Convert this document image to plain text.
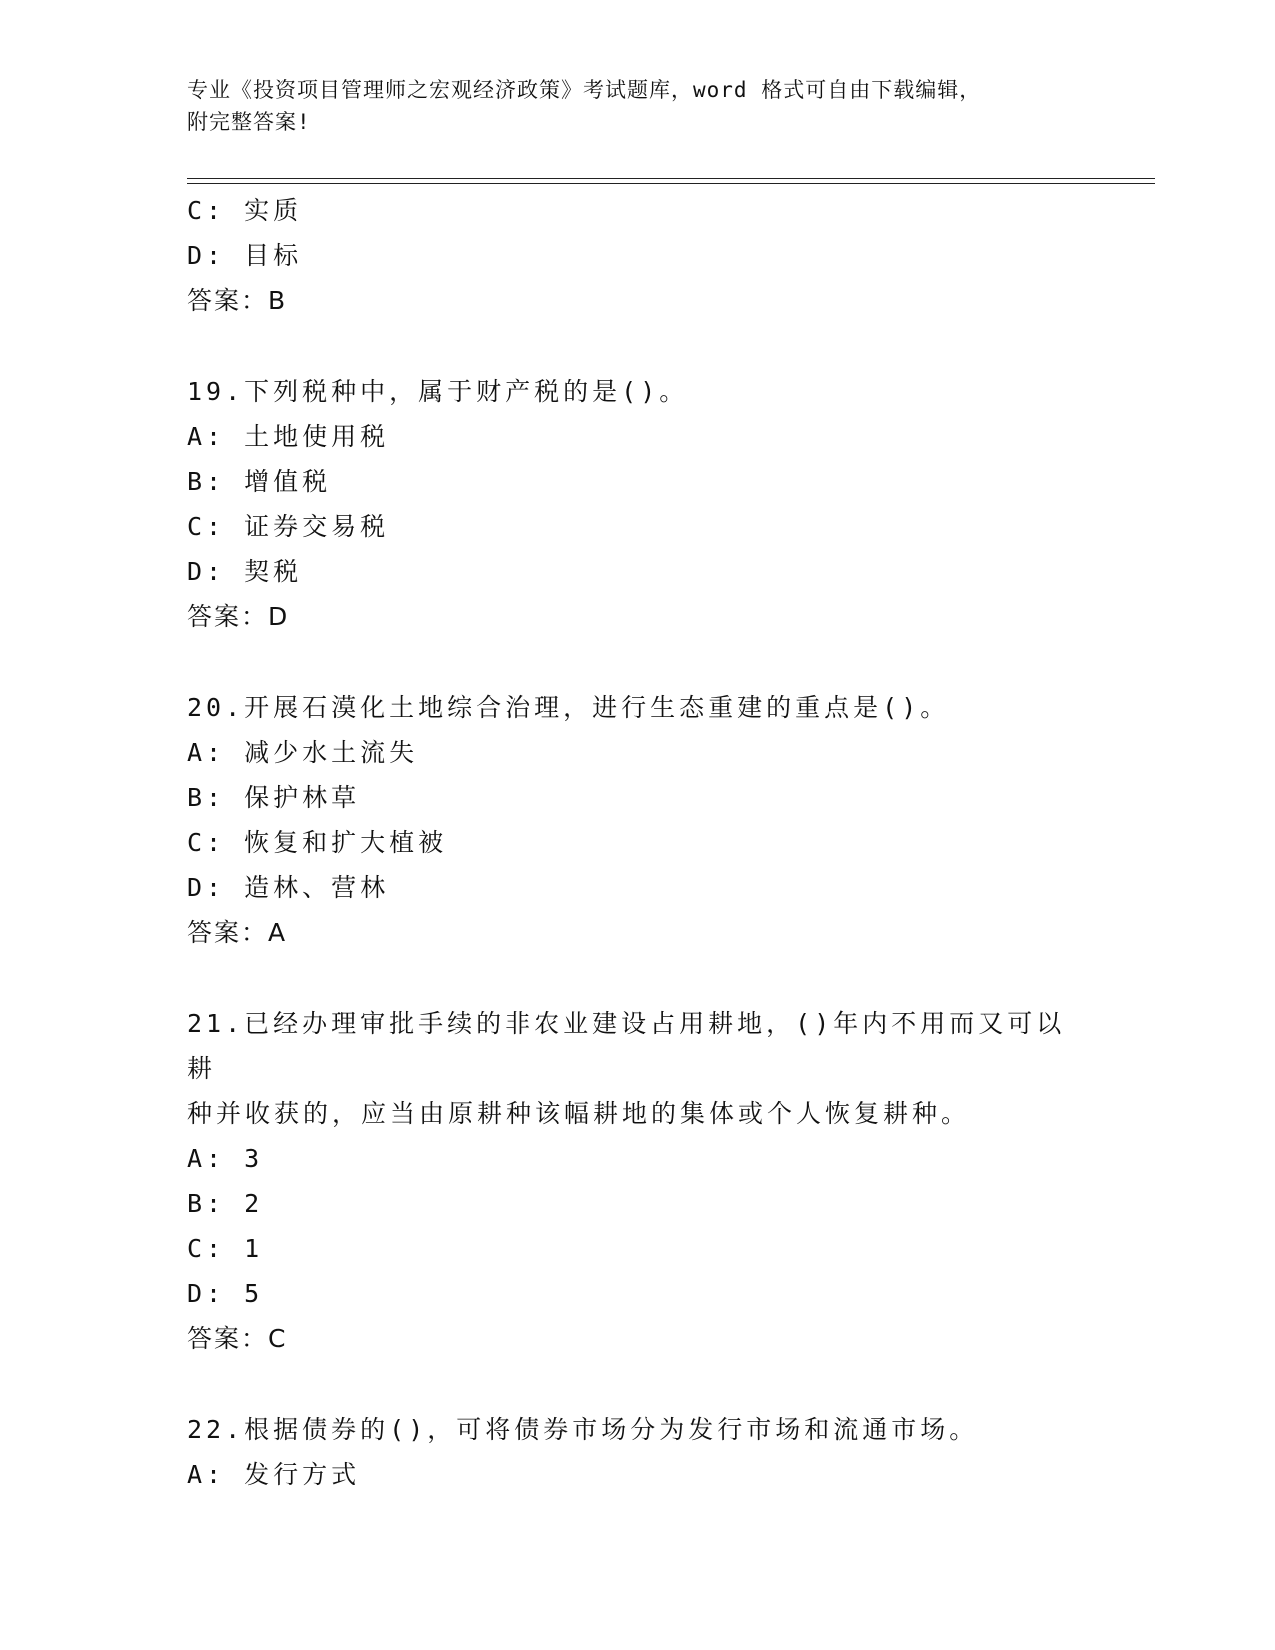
专业《投资项目管理师之宏观经济政策》考试题库，word 格式可自由下载编辑，
附完整答案!
C: 实质
D: 目标
答案：B
19.下列税种中，属于财产税的是()。
A: 土地使用税
B: 增值税
C: 证券交易税
D: 契税
答案：D
20.开展石漠化土地综合治理，进行生态重建的重点是()。
A: 减少水土流失
B: 保护林草
C: 恢复和扩大植被
D: 造林、营林
答案：A
21.已经办理审批手续的非农业建设占用耕地，()年内不用而又可以耕
种并收获的，应当由原耕种该幅耕地的集体或个人恢复耕种。
A: 3
B: 2
C: 1
D: 5
答案：C
22.根据债券的()，可将债券市场分为发行市场和流通市场。
A: 发行方式
